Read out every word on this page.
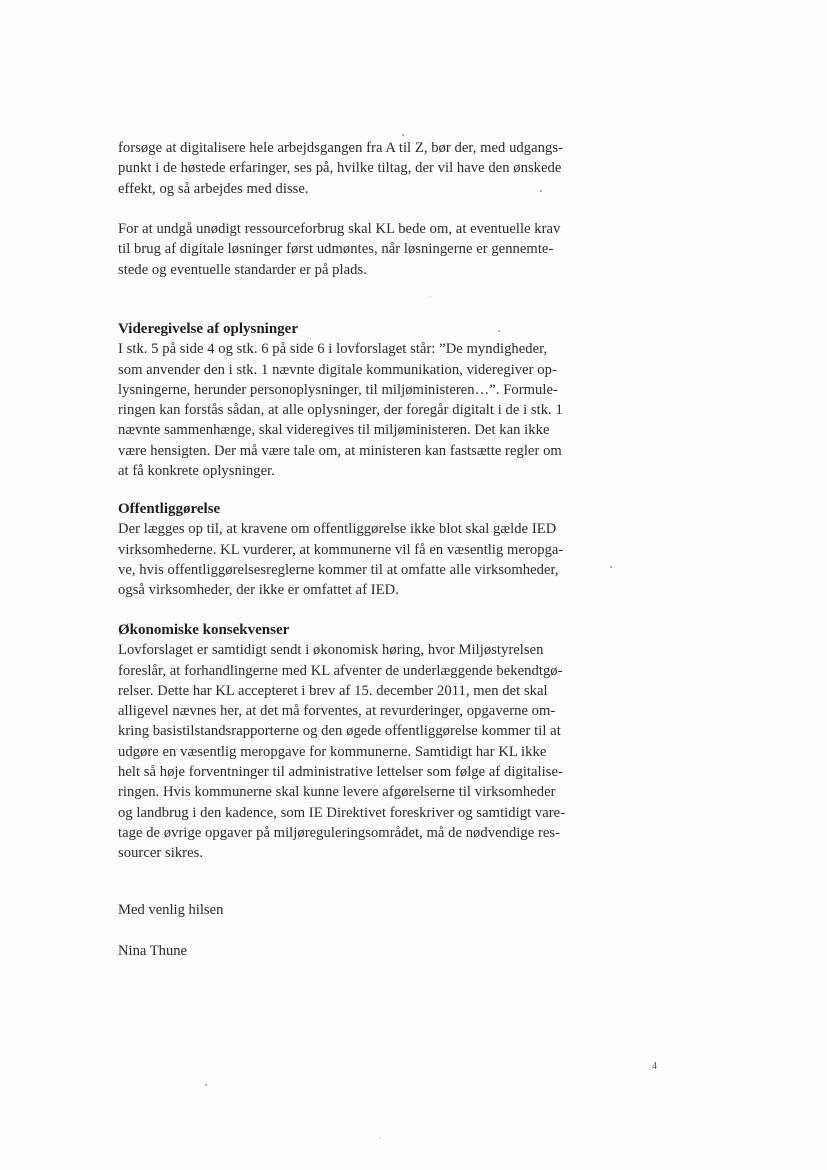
forsøge at digitalisere hele arbejdsgangen fra A til Z, bør der, med udgangs-
punkt i de høstede erfaringer, ses på, hvilke tiltag, der vil have den ønskede
effekt, og så arbejdes med disse.
For at undgå unødigt ressourceforbrug skal KL bede om, at eventuelle krav
til brug af digitale løsninger først udmøntes, når løsningerne er gennemte-
stede og eventuelle standarder er på plads.
Videregivelse af oplysninger
I stk. 5 på side 4 og stk. 6 på side 6 i lovforslaget står: ”De myndigheder,
som anvender den i stk. 1 nævnte digitale kommunikation, videregiver op-
lysningerne, herunder personoplysninger, til miljøministeren…”. Formule-
ringen kan forstås sådan, at alle oplysninger, der foregår digitalt i de i stk. 1
nævnte sammenhænge, skal videregives til miljøministeren. Det kan ikke
være hensigten. Der må være tale om, at ministeren kan fastsætte regler om
at få konkrete oplysninger.
Offentliggørelse
Der lægges op til, at kravene om offentliggørelse ikke blot skal gælde IED
virksomhederne. KL vurderer, at kommunerne vil få en væsentlig meropga-
ve, hvis offentliggørelsesreglerne kommer til at omfatte alle virksomheder,
også virksomheder, der ikke er omfattet af IED.
Økonomiske konsekvenser
Lovforslaget er samtidigt sendt i økonomisk høring, hvor Miljøstyrelsen
foreslår, at forhandlingerne med KL afventer de underlæggende bekendtgø-
relser. Dette har KL accepteret i brev af 15. december 2011, men det skal
alligevel nævnes her, at det må forventes, at revurderinger, opgaverne om-
kring basistilstandsrapporterne og den øgede offentliggørelse kommer til at
udgøre en væsentlig meropgave for kommunerne. Samtidigt har KL ikke
helt så høje forventninger til administrative lettelser som følge af digitalise-
ringen. Hvis kommunerne skal kunne levere afgørelserne til virksomheder
og landbrug i den kadence, som IE Direktivet foreskriver og samtidigt vare-
tage de øvrige opgaver på miljøreguleringsområdet, må de nødvendige res-
sourcer sikres.
Med venlig hilsen
Nina Thune
4
